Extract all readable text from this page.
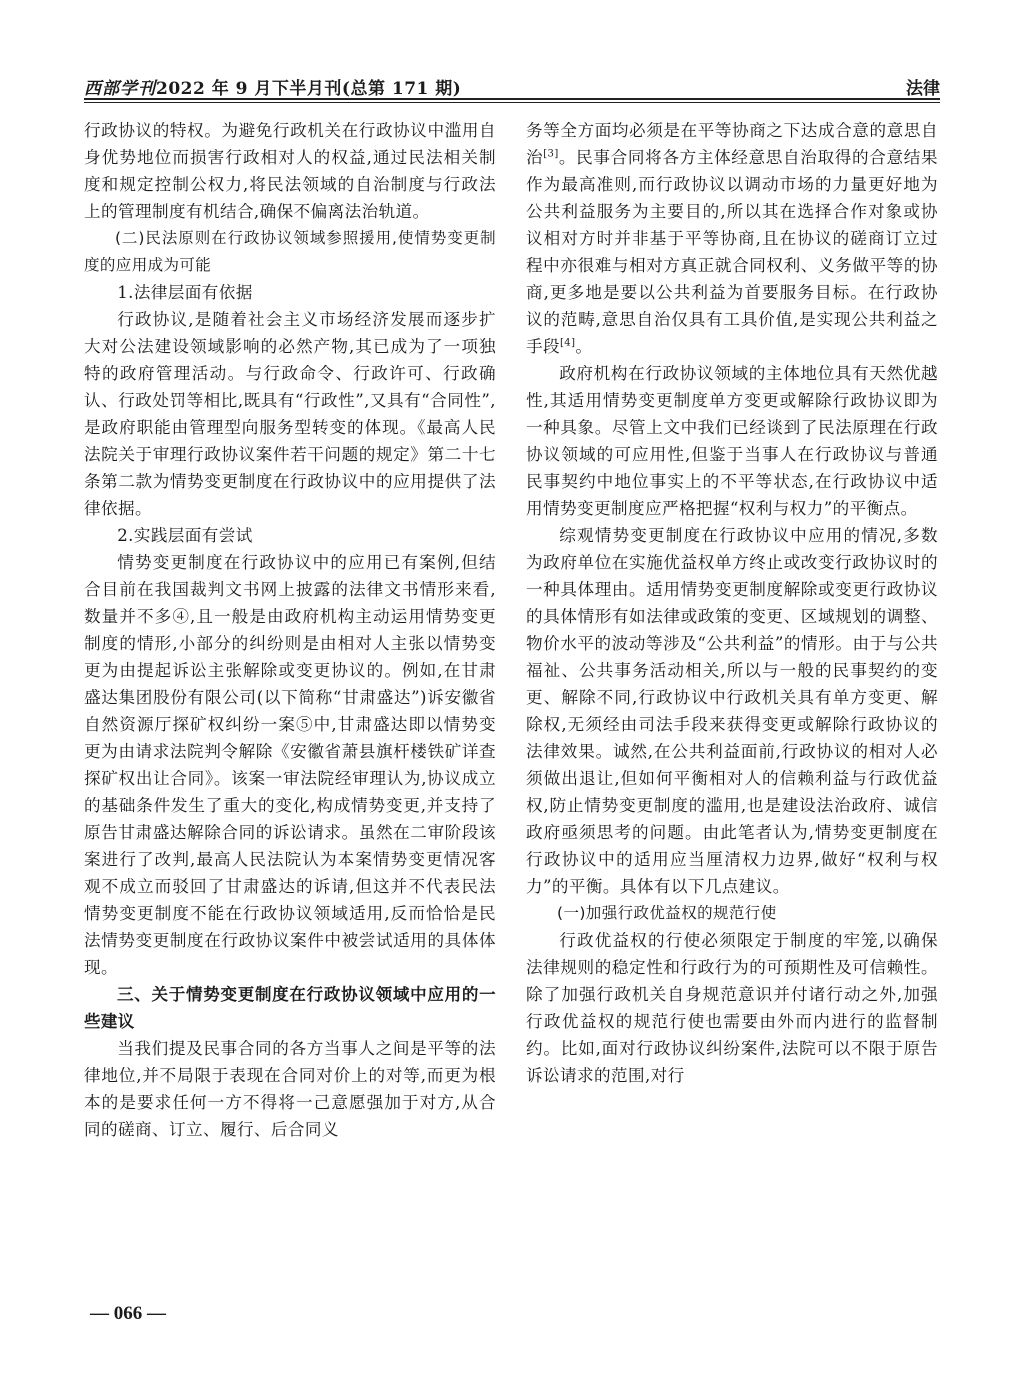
西部学刊2022 年 9 月下半月刊(总第 171 期)	法律

行政协议的特权。为避免行政机关在行政协议中滥用自身优势地位而损害行政相对人的权益,通过民法相关制度和规定控制公权力,将民法领域的自治制度与行政法上的管理制度有机结合,确保不偏离法治轨道。

(二)民法原则在行政协议领域参照援用,使情势变更制度的应用成为可能

1.法律层面有依据

行政协议,是随着社会主义市场经济发展而逐步扩大对公法建设领域影响的必然产物,其已成为了一项独特的政府管理活动。与行政命令、行政许可、行政确认、行政处罚等相比,既具有“行政性”,又具有“合同性”,是政府职能由管理型向服务型转变的体现。《最高人民法院关于审理行政协议案件若干问题的规定》第二十七条第二款为情势变更制度在行政协议中的应用提供了法律依据。

2.实践层面有尝试

情势变更制度在行政协议中的应用已有案例,但结合目前在我国裁判文书网上披露的法律文书情形来看,数量并不多④,且一般是由政府机构主动运用情势变更制度的情形,小部分的纠纷则是由相对人主张以情势变更为由提起诉讼主张解除或变更协议的。例如,在甘肃盛达集团股份有限公司(以下简称“甘肃盛达”)诉安徽省自然资源厅探矿权纠纷一案⑤中,甘肃盛达即以情势变更为由请求法院判令解除《安徽省萧县旗杆楼铁矿详查探矿权出让合同》。该案一审法院经审理认为,协议成立的基础条件发生了重大的变化,构成情势变更,并支持了原告甘肃盛达解除合同的诉讼请求。虽然在二审阶段该案进行了改判,最高人民法院认为本案情势变更情况客观不成立而驳回了甘肃盛达的诉请,但这并不代表民法情势变更制度不能在行政协议领域适用,反而恰恰是民法情势变更制度在行政协议案件中被尝试适用的具体体现。

三、关于情势变更制度在行政协议领域中应用的一些建议

当我们提及民事合同的各方当事人之间是平等的法律地位,并不局限于表现在合同对价上的对等,而更为根本的是要求任何一方不得将一己意愿强加于对方,从合同的磋商、订立、履行、后合同义

务等全方面均必须是在平等协商之下达成合意的意思自治[3]。民事合同将各方主体经意思自治取得的合意结果作为最高准则,而行政协议以调动市场的力量更好地为公共利益服务为主要目的,所以其在选择合作对象或协议相对方时并非基于平等协商,且在协议的磋商订立过程中亦很难与相对方真正就合同权利、义务做平等的协商,更多地是要以公共利益为首要服务目标。在行政协议的范畴,意思自治仅具有工具价值,是实现公共利益之手段[4]。

政府机构在行政协议领域的主体地位具有天然优越性,其适用情势变更制度单方变更或解除行政协议即为一种具象。尽管上文中我们已经谈到了民法原理在行政协议领域的可应用性,但鉴于当事人在行政协议与普通民事契约中地位事实上的不平等状态,在行政协议中适用情势变更制度应严格把握“权利与权力”的平衡点。

综观情势变更制度在行政协议中应用的情况,多数为政府单位在实施优益权单方终止或改变行政协议时的一种具体理由。适用情势变更制度解除或变更行政协议的具体情形有如法律或政策的变更、区域规划的调整、物价水平的波动等涉及“公共利益”的情形。由于与公共福祉、公共事务活动相关,所以与一般的民事契约的变更、解除不同,行政协议中行政机关具有单方变更、解除权,无须经由司法手段来获得变更或解除行政协议的法律效果。诚然,在公共利益面前,行政协议的相对人必须做出退让,但如何平衡相对人的信赖利益与行政优益权,防止情势变更制度的滥用,也是建设法治政府、诚信政府亟须思考的问题。由此笔者认为,情势变更制度在行政协议中的适用应当厘清权力边界,做好“权利与权力”的平衡。具体有以下几点建议。

(一)加强行政优益权的规范行使

行政优益权的行使必须限定于制度的牢笼,以确保法律规则的稳定性和行政行为的可预期性及可信赖性。除了加强行政机关自身规范意识并付诸行动之外,加强行政优益权的规范行使也需要由外而内进行的监督制约。比如,面对行政协议纠纷案件,法院可以不限于原告诉讼请求的范围,对行

— 066 —
